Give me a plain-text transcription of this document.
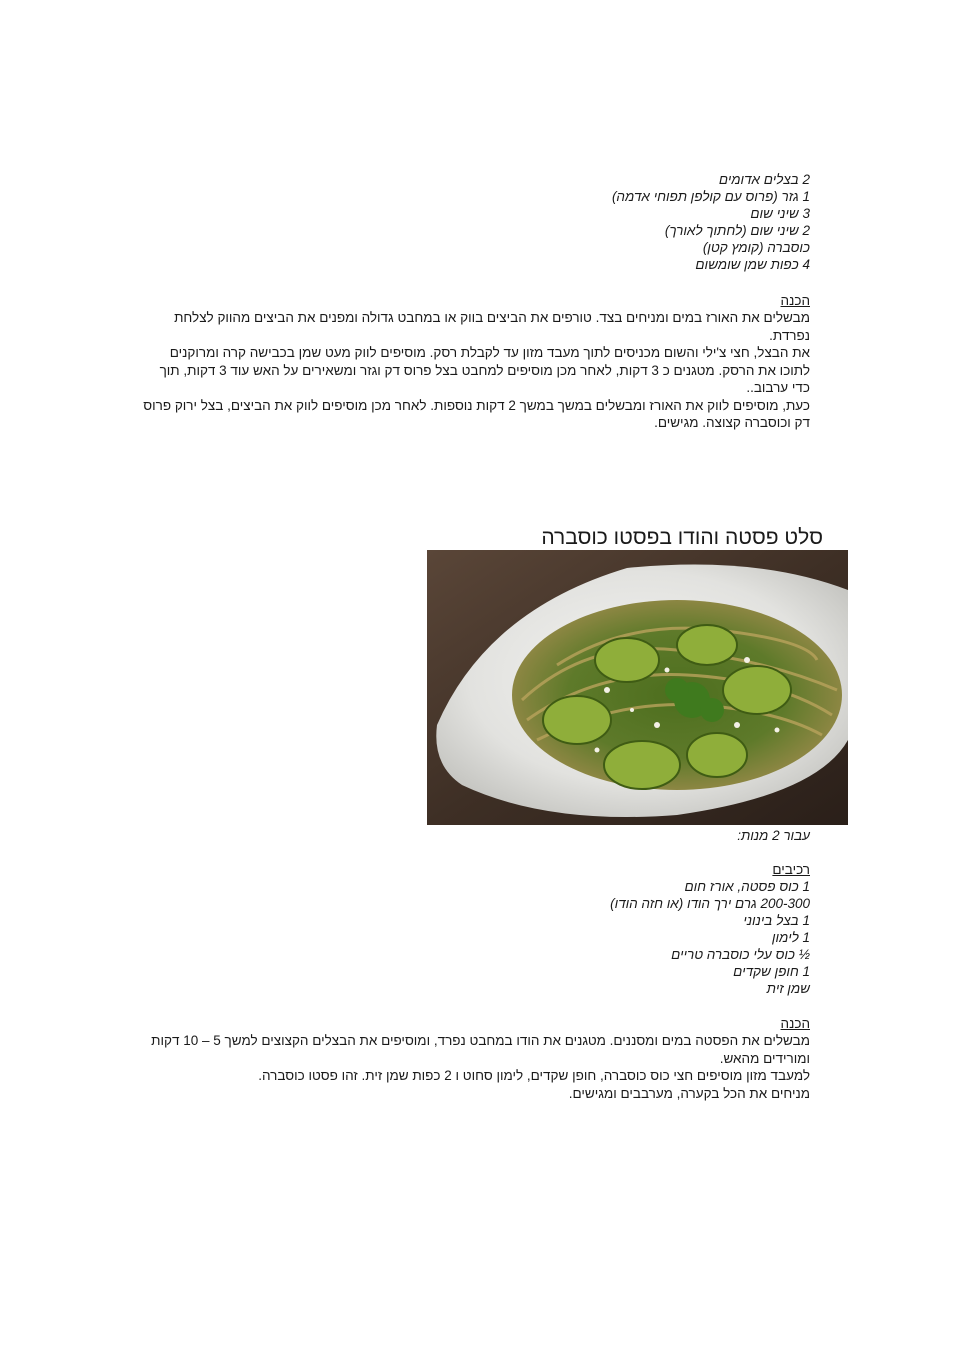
2 בצלים אדומים
1 גזר (פרוס עם קולפן תפוחי אדמה)
3 שיני שום
2 שיני שום (לחתוך לאורך)
כוסברה (קומץ קטן)
4 כפות שמן שומשום
הכנה
מבשלים את האורז במים ומניחים בצד. טורפים את הביצים בווק או במחבט גדולה ומפנים את הביצים מהווק לצלחת נפרדת.
את הבצל, חצי צ'ילי והשום מכניסים לתוך מעבד מזון עד לקבלת רסק. מוסיפים לווק מעט שמן בכבישה קרה ומרוקנים לתוכו את הרסק. מטגנים כ 3 דקות, לאחר מכן מוסיפים למחבט בצל פרוס דק וגזר ומשאירים על האש עוד 3 דקות, תוך כדי ערבוב..
כעת, מוסיפים לווק את האורז ומבשלים במשך במשך 2 דקות נוספות. לאחר מכן מוסיפים לווק את הביצים, בצל ירוק פרוס דק וכוסברה קצוצה. מגישים.
סלט פסטה והודו בפסטו כוסברה
עבור 2 מנות:
רכיבים
1 כוס פסטה, אורז חום
200-300 גרם ירך הודו (או חזה הודו)
1 בצל בינוני
1 לימון
½ כוס עלי כוסברה טריים
1 חופן שקדים
שמן זית
הכנה
מבשלים את הפסטה במים ומסננים. מטגנים את הודו במחבט נפרד, ומוסיפים את הבצלים הקצוצים למשך 5 – 10 דקות ומורידים מהאש.
למעבד מזון מוסיפים חצי כוס כוסברה, חופן שקדים, לימון סחוט ו 2 כפות שמן זית. זהו פסטו כוסברה.
מניחים את הכל בקערה, מערבבים ומגישים.
